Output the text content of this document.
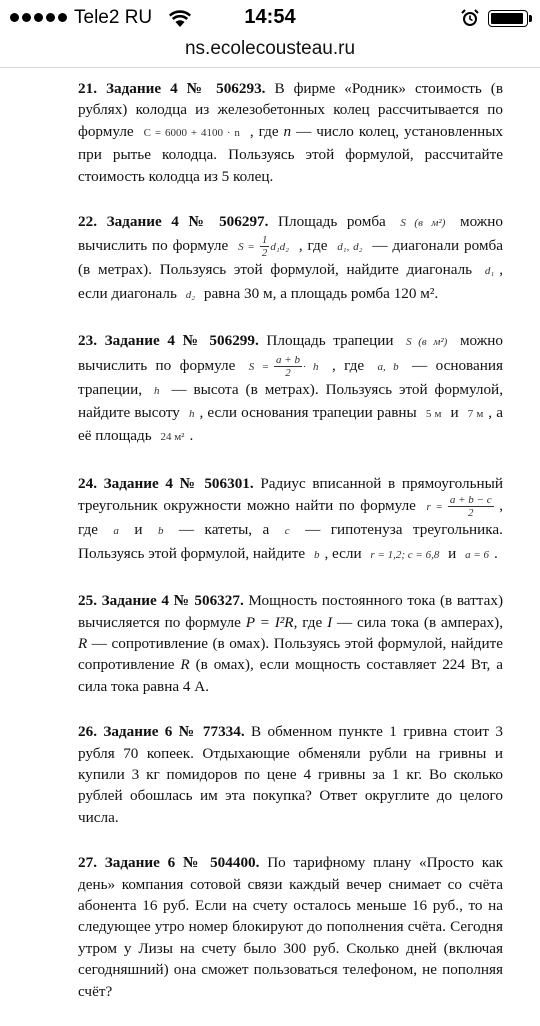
Tele2 RU	14:54
ns.ecolecousteau.ru

21. Задание 4 № 506293. В фирме «Родник» стоимость (в рублях) колодца из железобетонных колец рассчитывается по формуле C = 6000 + 4100 · n , где n — число колец, установленных при рытье колодца. Пользуясь этой формулой, рассчитайте стоимость колодца из 5 колец.

22. Задание 4 № 506297. Площадь ромба S (в м²) можно вычислить по формуле $S = \frac{1}{2} d_1d_2$ , где d₁, d₂ — диагонали ромба (в метрах). Пользуясь этой формулой, найдите диагональ d₁ , если диагональ d₂ равна 30 м, а площадь ромба 120 м².

23. Задание 4 № 506299. Площадь трапеции S (в м²) можно вычислить по формуле $S = \frac{a + b}{2} \cdot h$ , где a, b — основания трапеции, h — высота (в метрах). Пользуясь этой формулой, найдите высоту h , если основания трапеции равны 5 м и 7 м , а её площадь 24 м² .

24. Задание 4 № 506301. Радиус вписанной в прямоугольный треугольник окружности можно найти по формуле $r = \frac{a + b - c}{2}$ , где a и b — катеты, а c — гипотенуза треугольника. Пользуясь этой формулой, найдите b , если r = 1,2; c = 6,8 и a = 6 .

25. Задание 4 № 506327. Мощность постоянного тока (в ваттах) вычисляется по формуле P = I²R, где I — сила тока (в амперах), R — сопротивление (в омах). Пользуясь этой формулой, найдите сопротивление R (в омах), если мощность составляет 224 Вт, а сила тока равна 4 А.

26. Задание 6 № 77334. В обменном пункте 1 гривна стоит 3 рубля 70 копеек. Отдыхающие обменяли рубли на гривны и купили 3 кг помидоров по цене 4 гривны за 1 кг. Во сколько рублей обошлась им эта покупка? Ответ округлите до целого числа.

27. Задание 6 № 504400. По тарифному плану «Просто как день» компания сотовой связи каждый вечер снимает со счёта абонента 16 руб. Если на счету осталось меньше 16 руб., то на следующее утро номер блокируют до пополнения счёта. Сегодня утром у Лизы на счету было 300 руб. Сколько дней (включая сегодняшний) она сможет пользоваться телефоном, не пополняя счёт?
